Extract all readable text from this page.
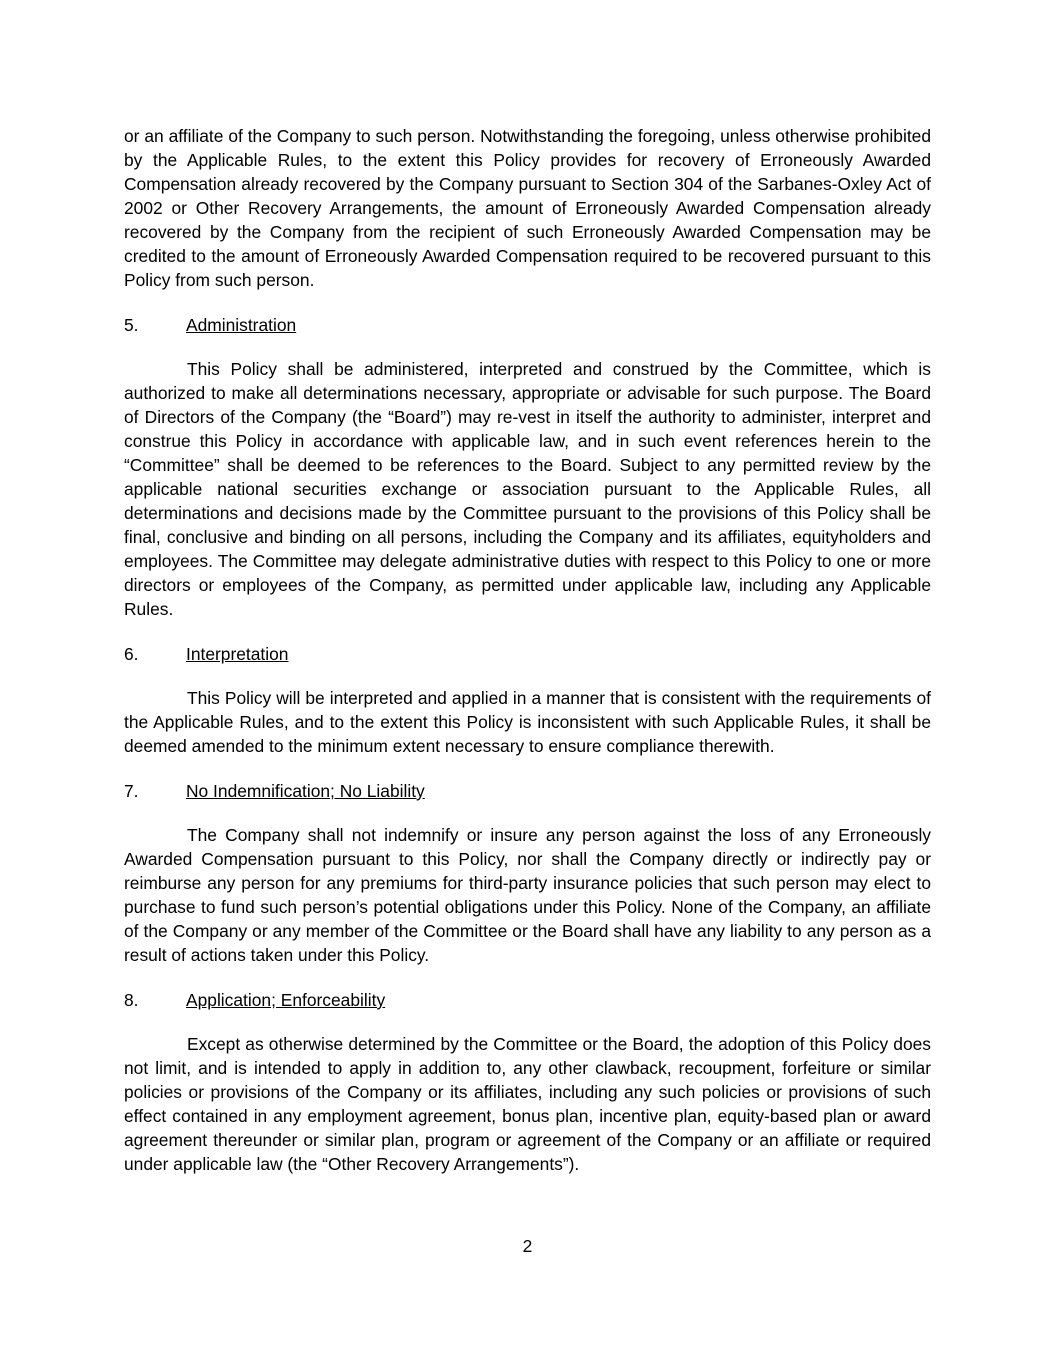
or an affiliate of the Company to such person. Notwithstanding the foregoing, unless otherwise prohibited by the Applicable Rules, to the extent this Policy provides for recovery of Erroneously Awarded Compensation already recovered by the Company pursuant to Section 304 of the Sarbanes-Oxley Act of 2002 or Other Recovery Arrangements, the amount of Erroneously Awarded Compensation already recovered by the Company from the recipient of such Erroneously Awarded Compensation may be credited to the amount of Erroneously Awarded Compensation required to be recovered pursuant to this Policy from such person.

5.	Administration

This Policy shall be administered, interpreted and construed by the Committee, which is authorized to make all determinations necessary, appropriate or advisable for such purpose. The Board of Directors of the Company (the “Board”) may re-vest in itself the authority to administer, interpret and construe this Policy in accordance with applicable law, and in such event references herein to the “Committee” shall be deemed to be references to the Board. Subject to any permitted review by the applicable national securities exchange or association pursuant to the Applicable Rules, all determinations and decisions made by the Committee pursuant to the provisions of this Policy shall be final, conclusive and binding on all persons, including the Company and its affiliates, equityholders and employees. The Committee may delegate administrative duties with respect to this Policy to one or more directors or employees of the Company, as permitted under applicable law, including any Applicable Rules.

6.	Interpretation

This Policy will be interpreted and applied in a manner that is consistent with the requirements of the Applicable Rules, and to the extent this Policy is inconsistent with such Applicable Rules, it shall be deemed amended to the minimum extent necessary to ensure compliance therewith.

7.	No Indemnification; No Liability

The Company shall not indemnify or insure any person against the loss of any Erroneously Awarded Compensation pursuant to this Policy, nor shall the Company directly or indirectly pay or reimburse any person for any premiums for third-party insurance policies that such person may elect to purchase to fund such person’s potential obligations under this Policy. None of the Company, an affiliate of the Company or any member of the Committee or the Board shall have any liability to any person as a result of actions taken under this Policy.

8.	Application; Enforceability

Except as otherwise determined by the Committee or the Board, the adoption of this Policy does not limit, and is intended to apply in addition to, any other clawback, recoupment, forfeiture or similar policies or provisions of the Company or its affiliates, including any such policies or provisions of such effect contained in any employment agreement, bonus plan, incentive plan, equity-based plan or award agreement thereunder or similar plan, program or agreement of the Company or an affiliate or required under applicable law (the “Other Recovery Arrangements”).

2
